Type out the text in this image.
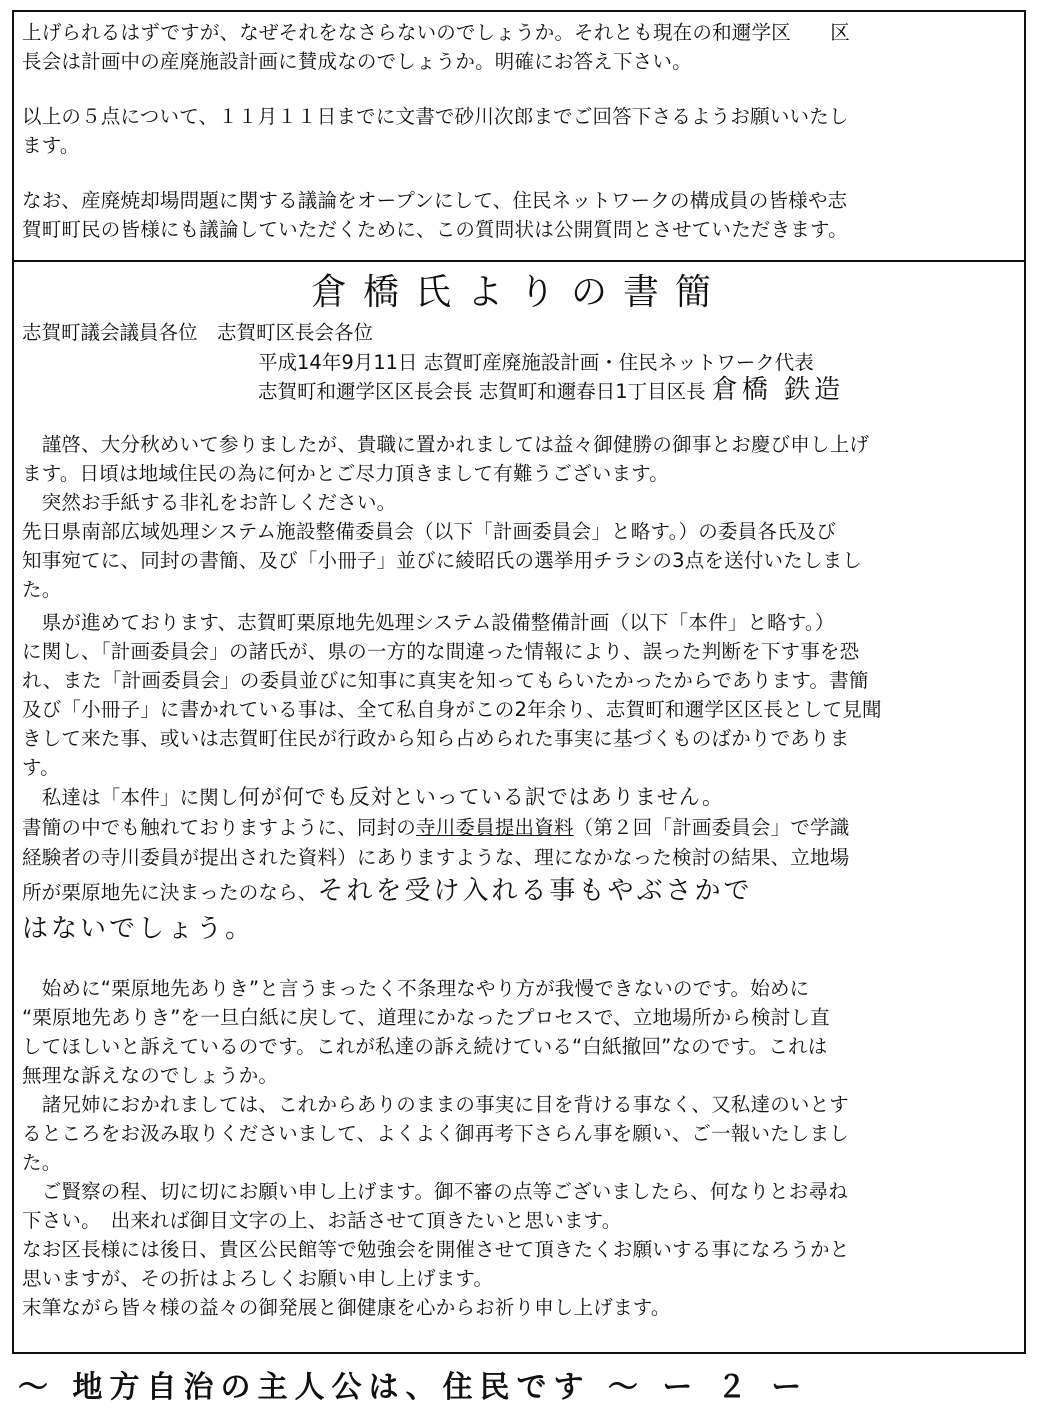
上げられるはずですが、なぜそれをなさらないのでしょうか。それとも現在の和邇学区　　区
長会は計画中の産廃施設計画に賛成なのでしょうか。明確にお答え下さい。
以上の５点について、１１月１１日までに文書で砂川次郎までご回答下さるようお願いいたし
ます。
なお、産廃焼却場問題に関する議論をオープンにして、住民ネットワークの構成員の皆様や志
賀町町民の皆様にも議論していただくために、この質問状は公開質問とさせていただきます。
倉橋氏よりの書簡
志賀町議会議員各位　志賀町区長会各位
平成14年9月11日 志賀町産廃施設計画・住民ネットワーク代表
志賀町和邇学区区長会長 志賀町和邇春日1丁目区長 倉橋 鉄造
　謹啓、大分秋めいて参りましたが、貴職に置かれましては益々御健勝の御事とお慶び申し上げ
ます。日頃は地域住民の為に何かとご尽力頂きまして有難うございます。
　突然お手紙する非礼をお許しください。
先日県南部広域処理システム施設整備委員会（以下「計画委員会」と略す。）の委員各氏及び
知事宛てに、同封の書簡、及び「小冊子」並びに綾昭氏の選挙用チラシの3点を送付いたしまし
た。
　県が進めております、志賀町栗原地先処理システム設備整備計画（以下「本件」と略す。）
に関し、「計画委員会」の諸氏が、県の一方的な間違った情報により、誤った判断を下す事を恐
れ、また「計画委員会」の委員並びに知事に真実を知ってもらいたかったからであります。書簡
及び「小冊子」に書かれている事は、全て私自身がこの2年余り、志賀町和邇学区区長として見聞
きして来た事、或いは志賀町住民が行政から知ら占められた事実に基づくものばかりでありま
す。
　私達は「本件」に関し何が何でも反対といっている訳ではありません。
書簡の中でも触れておりますように、同封の寺川委員提出資料（第２回「計画委員会」で学識
経験者の寺川委員が提出された資料）にありますような、理になかなった検討の結果、立地場
所が栗原地先に決まったのなら、それを受け入れる事もやぶさかで
はないでしょう。
　始めに“栗原地先ありき”と言うまったく不条理なやり方が我慢できないのです。始めに
“栗原地先ありき”を一旦白紙に戻して、道理にかなったプロセスで、立地場所から検討し直
してほしいと訴えているのです。これが私達の訴え続けている“白紙撤回”なのです。これは
無理な訴えなのでしょうか。
　諸兄姉におかれましては、これからありのままの事実に目を背ける事なく、又私達のいとす
るところをお汲み取りくださいまして、よくよく御再考下さらん事を願い、ご一報いたしまし
た。
　ご賢察の程、切に切にお願い申し上げます。御不審の点等ございましたら、何なりとお尋ね
下さい。　出来れば御目文字の上、お話させて頂きたいと思います。
なお区長様には後日、貴区公民館等で勉強会を開催させて頂きたくお願いする事になろうかと
思いますが、その折はよろしくお願い申し上げます。
末筆ながら皆々様の益々の御発展と御健康を心からお祈り申し上げます。
〜 地方自治の主人公は、住民です 〜 ー ２ ー
